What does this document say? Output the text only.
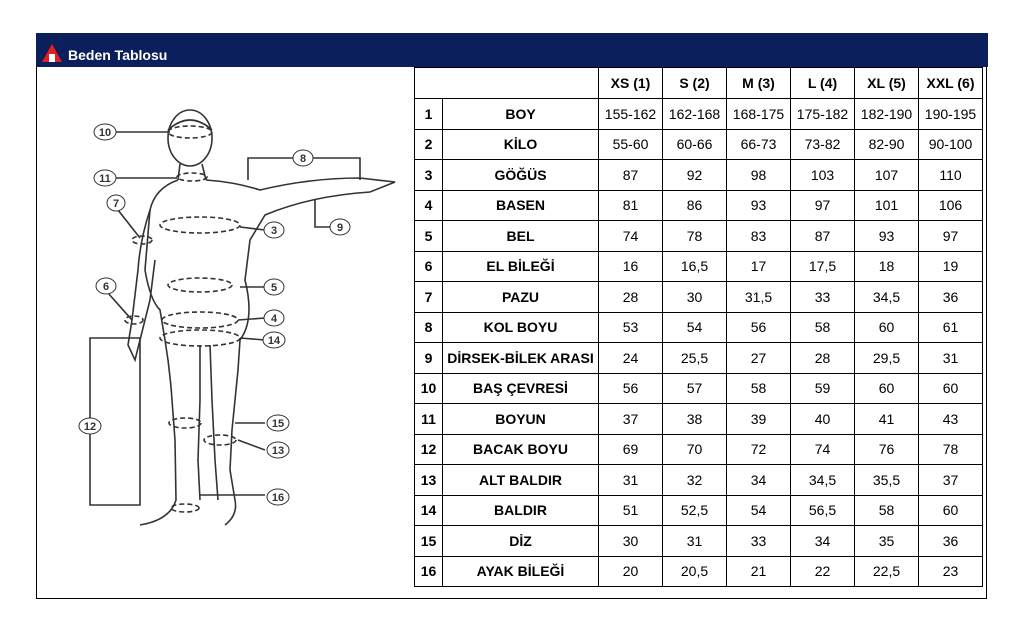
Beden Tablosu
10
11
7
8
9
3
6	5
4
14
12	15
13
16
		XS (1)	S (2)	M (3)	L (4)	XL (5)	XXL (6)
1	BOY	155-162	162-168	168-175	175-182	182-190	190-195
2	KİLO	55-60	60-66	66-73	73-82	82-90	90-100
3	GÖĞÜS	87	92	98	103	107	110
4	BASEN	81	86	93	97	101	106
5	BEL	74	78	83	87	93	97
6	EL BİLEĞİ	16	16,5	17	17,5	18	19
7	PAZU	28	30	31,5	33	34,5	36
8	KOL BOYU	53	54	56	58	60	61
9	DİRSEK-BİLEK ARASI	24	25,5	27	28	29,5	31
10	BAŞ ÇEVRESİ	56	57	58	59	60	60
11	BOYUN	37	38	39	40	41	43
12	BACAK BOYU	69	70	72	74	76	78
13	ALT BALDIR	31	32	34	34,5	35,5	37
14	BALDIR	51	52,5	54	56,5	58	60
15	DİZ	30	31	33	34	35	36
16	AYAK BİLEĞİ	20	20,5	21	22	22,5	23
